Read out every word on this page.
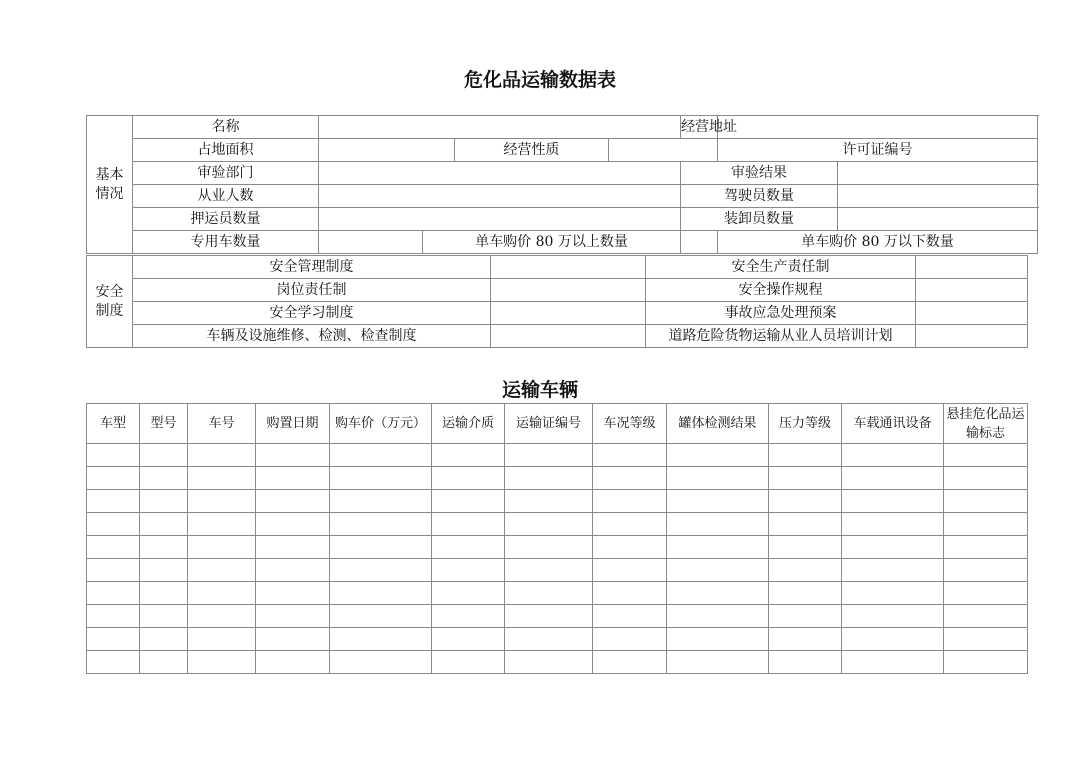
危化品运输数据表
基本情况	名称					经营地址			
	占地面积			经营性质			许可证编号		
	审验部门					审验结果			
	从业人数					驾驶员数量			
	押运员数量					装卸员数量			
	专用车数量		单车购价 80 万以上数量				单车购价 80 万以下数量		
安全制度	安全管理制度		安全生产责任制	
	岗位责任制		安全操作规程	
	安全学习制度		事故应急处理预案	
	车辆及设施维修、检测、检查制度		道路危险货物运输从业人员培训计划	
运输车辆
车型	型号	车号	购置日期	购车价（万元）	运输介质	运输证编号	车况等级	罐体检测结果	压力等级	车载通讯设备	悬挂危化品运输标志
